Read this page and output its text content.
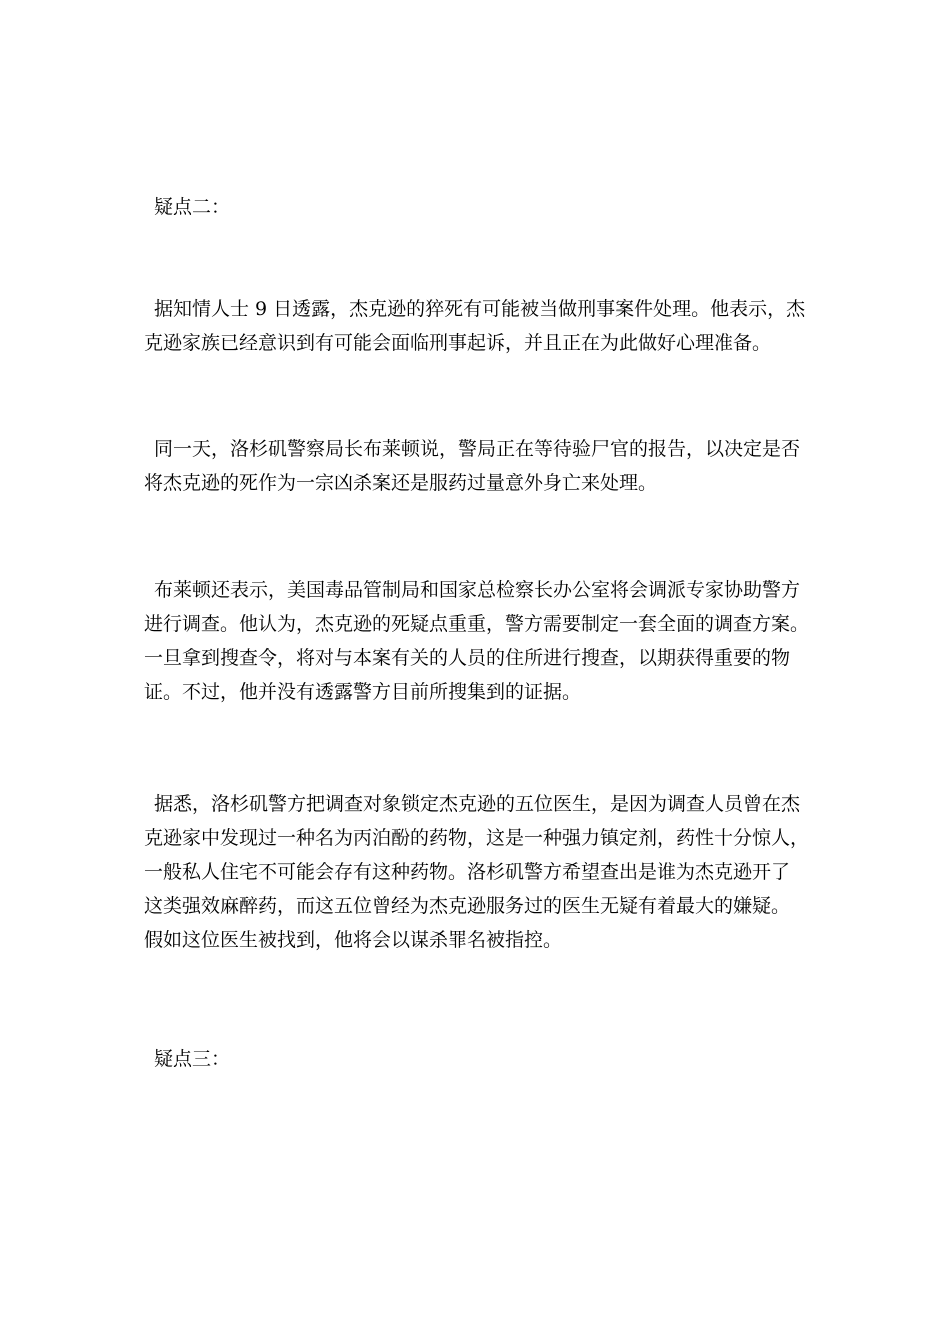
疑点二：

据知情人士 9 日透露，杰克逊的猝死有可能被当做刑事案件处理。他表示，杰
克逊家族已经意识到有可能会面临刑事起诉，并且正在为此做好心理准备。

同一天，洛杉矶警察局长布莱顿说，警局正在等待验尸官的报告，以决定是否
将杰克逊的死作为一宗凶杀案还是服药过量意外身亡来处理。

布莱顿还表示，美国毒品管制局和国家总检察长办公室将会调派专家协助警方
进行调查。他认为，杰克逊的死疑点重重，警方需要制定一套全面的调查方案。
一旦拿到搜查令，将对与本案有关的人员的住所进行搜查，以期获得重要的物
证。不过，他并没有透露警方目前所搜集到的证据。

据悉，洛杉矶警方把调查对象锁定杰克逊的五位医生，是因为调查人员曾在杰
克逊家中发现过一种名为丙泊酚的药物，这是一种强力镇定剂，药性十分惊人，
一般私人住宅不可能会存有这种药物。洛杉矶警方希望查出是谁为杰克逊开了
这类强效麻醉药，而这五位曾经为杰克逊服务过的医生无疑有着最大的嫌疑。
假如这位医生被找到，他将会以谋杀罪名被指控。

疑点三：
